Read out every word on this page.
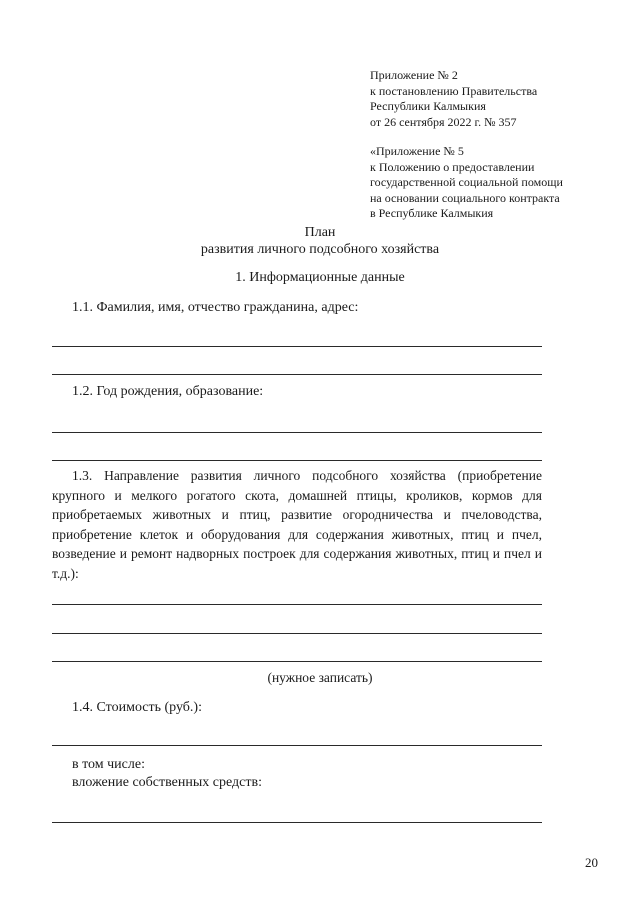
Приложение № 2
к постановлению Правительства
Республики Калмыкия
от 26 сентября 2022 г. № 357
«Приложение № 5
к Положению о предоставлении
государственной социальной помощи
на основании социального контракта
в Республике Калмыкия
План
развития личного подсобного хозяйства
1. Информационные данные
1.1. Фамилия, имя, отчество гражданина, адрес:
1.2. Год рождения, образование:
1.3. Направление развития личного подсобного хозяйства (приобретение крупного и мелкого рогатого скота, домашней птицы, кроликов, кормов для приобретаемых животных и птиц, развитие огородничества и пчеловодства, приобретение клеток и оборудования для содержания животных, птиц и пчел, возведение и ремонт надворных построек для содержания животных, птиц и пчел и т.д.):
(нужное записать)
1.4. Стоимость (руб.):
в том числе:
вложение собственных средств:
20
